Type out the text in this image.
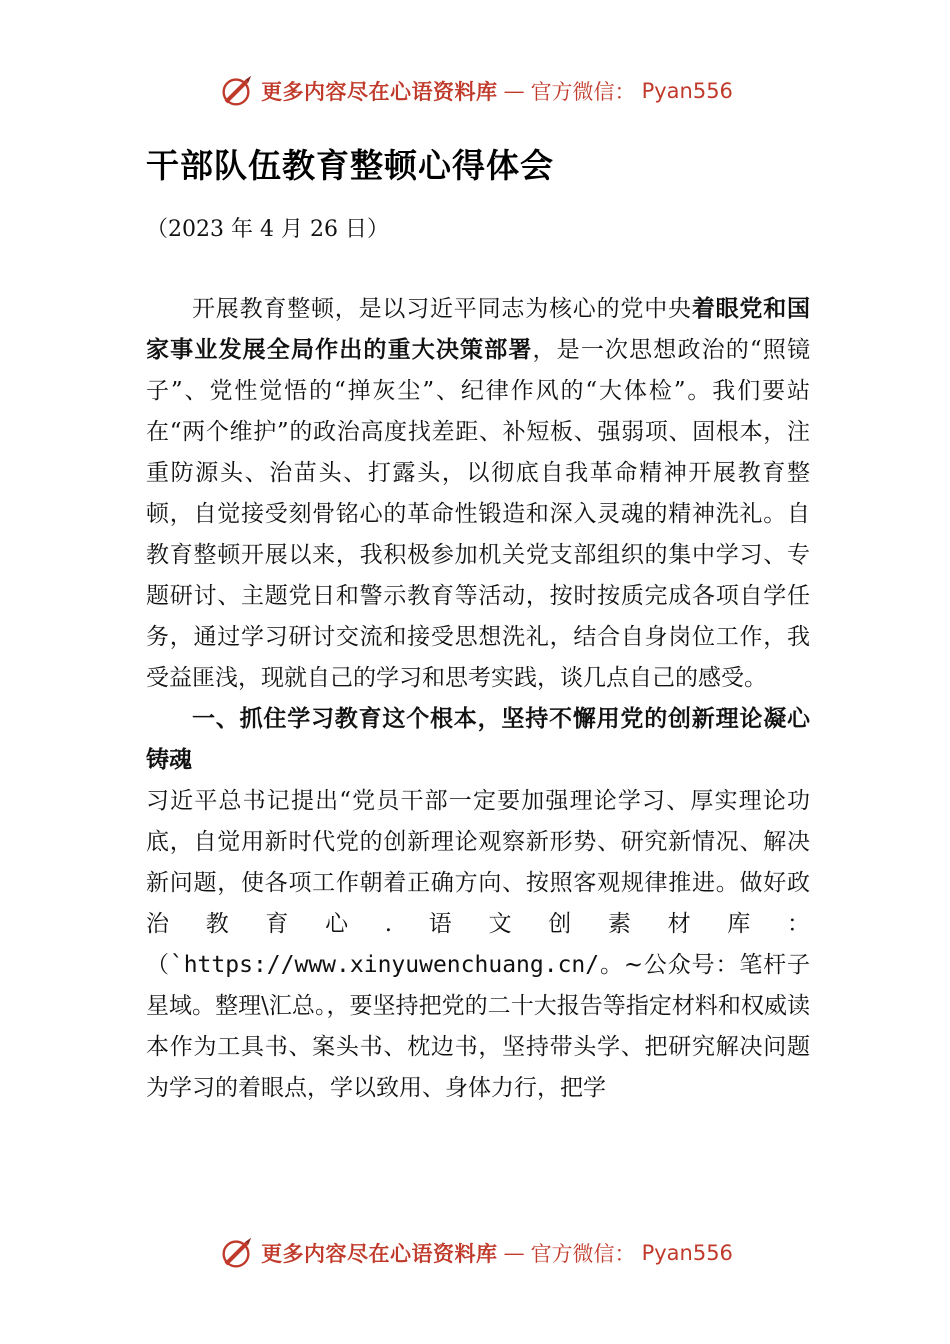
更多内容尽在心语资料库 — 官方微信： Pyan556
干部队伍教育整顿心得体会
（2023 年 4 月 26 日）

开展教育整顿，是以习近平同志为核心的党中央着眼党和国家事业发展全局作出的重大决策部署，是一次思想政治的“照镜子”、党性觉悟的“掸灰尘”、纪律作风的“大体检”。我们要站在“两个维护”的政治高度找差距、补短板、强弱项、固根本，注重防源头、治苗头、打露头，以彻底自我革命精神开展教育整顿，自觉接受刻骨铭心的革命性锻造和深入灵魂的精神洗礼。自教育整顿开展以来，我积极参加机关党支部组织的集中学习、专题研讨、主题党日和警示教育等活动，按时按质完成各项自学任务，通过学习研讨交流和接受思想洗礼，结合自身岗位工作，我受益匪浅，现就自己的学习和思考实践，谈几点自己的感受。

一、抓住学习教育这个根本，坚持不懈用党的创新理论凝心铸魂

习近平总书记提出“党员干部一定要加强理论学习、厚实理论功底，自觉用新时代党的创新理论观察新形势、研究新情况、解决新问题，使各项工作朝着正确方向、按照客观规律推进。做好政治教育心.语文创素材库：（`https://www.xinyuwenchuang.cn/。~公众号：笔杆子星域。整理\汇总。，要坚持把党的二十大报告等指定材料和权威读本作为工具书、案头书、枕边书，坚持带头学、把研究解决问题为学习的着眼点，学以致用、身体力行，把学

更多内容尽在心语资料库 — 官方微信： Pyan556
